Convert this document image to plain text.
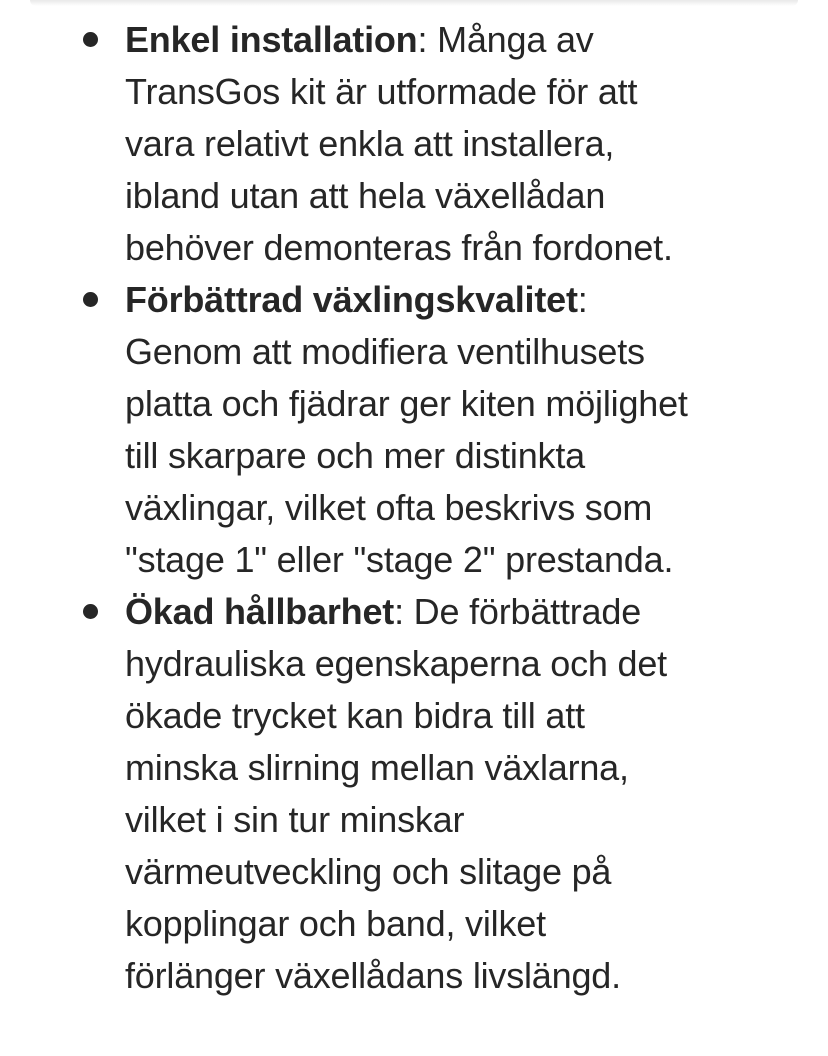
Enkel installation: Många av
TransGos kit är utformade för att
vara relativt enkla att installera,
ibland utan att hela växellådan
behöver demonteras från fordonet.
Förbättrad växlingskvalitet:
Genom att modifiera ventilhusets
platta och fjädrar ger kiten möjlighet
till skarpare och mer distinkta
växlingar, vilket ofta beskrivs som
"stage 1" eller "stage 2" prestanda.
Ökad hållbarhet: De förbättrade
hydrauliska egenskaperna och det
ökade trycket kan bidra till att
minska slirning mellan växlarna,
vilket i sin tur minskar
värmeutveckling och slitage på
kopplingar och band, vilket
förlänger växellådans livslängd.
